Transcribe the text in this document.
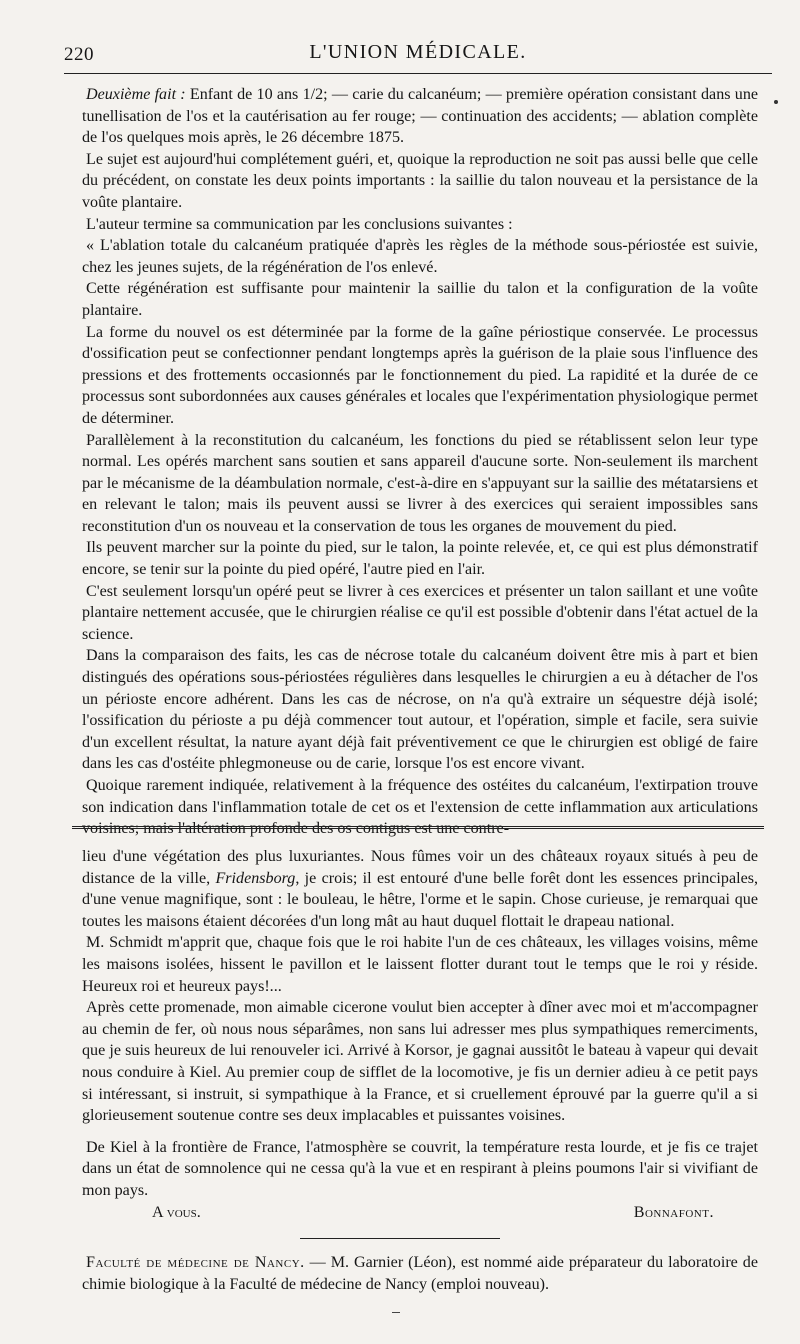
220	L'UNION MÉDICALE.

Deuxième fait : Enfant de 10 ans 1/2; — carie du calcanéum; — première opération consistant dans une tunellisation de l'os et la cautérisation au fer rouge; — continuation des accidents; — ablation complète de l'os quelques mois après, le 26 décembre 1875.

Le sujet est aujourd'hui complétement guéri, et, quoique la reproduction ne soit pas aussi belle que celle du précédent, on constate les deux points importants : la saillie du talon nouveau et la persistance de la voûte plantaire.

L'auteur termine sa communication par les conclusions suivantes :

« L'ablation totale du calcanéum pratiquée d'après les règles de la méthode sous-périostée est suivie, chez les jeunes sujets, de la régénération de l'os enlevé.

Cette régénération est suffisante pour maintenir la saillie du talon et la configuration de la voûte plantaire.

La forme du nouvel os est déterminée par la forme de la gaîne périostique conservée. Le processus d'ossification peut se confectionner pendant longtemps après la guérison de la plaie sous l'influence des pressions et des frottements occasionnés par le fonctionnement du pied. La rapidité et la durée de ce processus sont subordonnées aux causes générales et locales que l'expérimentation physiologique permet de déterminer.

Parallèlement à la reconstitution du calcanéum, les fonctions du pied se rétablissent selon leur type normal. Les opérés marchent sans soutien et sans appareil d'aucune sorte. Non-seulement ils marchent par le mécanisme de la déambulation normale, c'est-à-dire en s'appuyant sur la saillie des métatarsiens et en relevant le talon; mais ils peuvent aussi se livrer à des exercices qui seraient impossibles sans reconstitution d'un os nouveau et la conservation de tous les organes de mouvement du pied.

Ils peuvent marcher sur la pointe du pied, sur le talon, la pointe relevée, et, ce qui est plus démonstratif encore, se tenir sur la pointe du pied opéré, l'autre pied en l'air.

C'est seulement lorsqu'un opéré peut se livrer à ces exercices et présenter un talon saillant et une voûte plantaire nettement accusée, que le chirurgien réalise ce qu'il est possible d'obtenir dans l'état actuel de la science.

Dans la comparaison des faits, les cas de nécrose totale du calcanéum doivent être mis à part et bien distingués des opérations sous-périostées régulières dans lesquelles le chirurgien a eu à détacher de l'os un périoste encore adhérent. Dans les cas de nécrose, on n'a qu'à extraire un séquestre déjà isolé; l'ossification du périoste a pu déjà commencer tout autour, et l'opération, simple et facile, sera suivie d'un excellent résultat, la nature ayant déjà fait préventivement ce que le chirurgien est obligé de faire dans les cas d'ostéite phlegmoneuse ou de carie, lorsque l'os est encore vivant.

Quoique rarement indiquée, relativement à la fréquence des ostéites du calcanéum, l'extirpation trouve son indication dans l'inflammation totale de cet os et l'extension de cette inflammation aux articulations voisines; mais l'altération profonde des os contigus est une contre-

lieu d'une végétation des plus luxuriantes. Nous fûmes voir un des châteaux royaux situés à peu de distance de la ville, Fridensborg, je crois; il est entouré d'une belle forêt dont les essences principales, d'une venue magnifique, sont : le bouleau, le hêtre, l'orme et le sapin. Chose curieuse, je remarquai que toutes les maisons étaient décorées d'un long mât au haut duquel flottait le drapeau national.

M. Schmidt m'apprit que, chaque fois que le roi habite l'un de ces châteaux, les villages voisins, même les maisons isolées, hissent le pavillon et le laissent flotter durant tout le temps que le roi y réside. Heureux roi et heureux pays!...

Après cette promenade, mon aimable cicerone voulut bien accepter à dîner avec moi et m'accompagner au chemin de fer, où nous nous séparâmes, non sans lui adresser mes plus sympathiques remerciments, que je suis heureux de lui renouveler ici. Arrivé à Korsor, je gagnai aussitôt le bateau à vapeur qui devait nous conduire à Kiel. Au premier coup de sifflet de la locomotive, je fis un dernier adieu à ce petit pays si intéressant, si instruit, si sympathique à la France, et si cruellement éprouvé par la guerre qu'il a si glorieusement soutenue contre ses deux implacables et puissantes voisines.

De Kiel à la frontière de France, l'atmosphère se couvrit, la température resta lourde, et je fis ce trajet dans un état de somnolence qui ne cessa qu'à la vue et en respirant à pleins poumons l'air si vivifiant de mon pays.

A vous.	Bonnafont.

Faculté de médecine de Nancy. — M. Garnier (Léon), est nommé aide préparateur du laboratoire de chimie biologique à la Faculté de médecine de Nancy (emploi nouveau).
